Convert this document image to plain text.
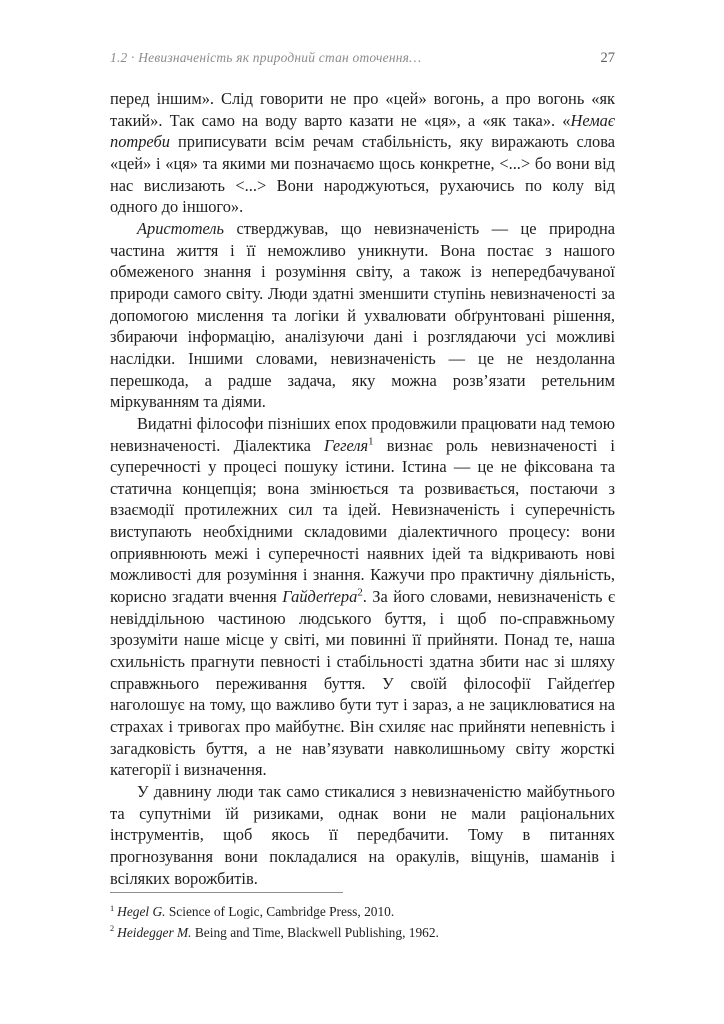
1.2 · Невизначеність як природний стан оточення…	27

перед іншим». Слід говорити не про «цей» вогонь, а про вогонь «як такий». Так само на воду варто казати не «ця», а «як така». «Немає потреби приписувати всім речам стабільність, яку виражають слова «цей» і «ця» та якими ми позначаємо щось конкретне, <...> бо вони від нас вислизають <...> Вони народжуються, рухаючись по колу від одного до іншого».

Аристотель стверджував, що невизначеність — це природна частина життя і її неможливо уникнути. Вона постає з нашого обмеженого знання і розуміння світу, а також із непередбачуваної природи самого світу. Люди здатні зменшити ступінь невизначеності за допомогою мислення та логіки й ухвалювати обґрунтовані рішення, збираючи інформацію, аналізуючи дані і розглядаючи усі можливі наслідки. Іншими словами, невизначеність — це не нездоланна перешкода, а радше задача, яку можна розв’язати ретельним міркуванням та діями.

Видатні філософи пізніших епох продовжили працювати над темою невизначеності. Діалектика Гегеля$^1$ визнає роль невизначеності і суперечності у процесі пошуку істини. Істина — це не фіксована та статична концепція; вона змінюється та розвивається, постаючи з взаємодії протилежних сил та ідей. Невизначеність і суперечність виступають необхідними складовими діалектичного процесу: вони оприявнюють межі і суперечності наявних ідей та відкривають нові можливості для розуміння і знання. Кажучи про практичну діяльність, корисно згадати вчення Гайдеґґера$^2$. За його словами, невизначеність є невіддільною частиною людського буття, і щоб по-справжньому зрозуміти наше місце у світі, ми повинні її прийняти. Понад те, наша схильність прагнути певності і стабільності здатна збити нас зі шляху справжнього переживання буття. У своїй філософії Гайдеґґер наголошує на тому, що важливо бути тут і зараз, а не зациклюватися на страхах і тривогах про майбутнє. Він схиляє нас прийняти непевність і загадковість буття, а не нав’язувати навколишньому світу жорсткі категорії і визначення.

У давнину люди так само стикалися з невизначеністю майбутнього та супутніми їй ризиками, однак вони не мали раціональних інструментів, щоб якось її передбачити. Тому в питаннях прогнозування вони покладалися на оракулів, віщунів, шаманів і всіляких ворожбитів.

$^1$ Hegel G. Science of Logic, Cambridge Press, 2010.

$^2$ Heidegger M. Being and Time, Blackwell Publishing, 1962.
